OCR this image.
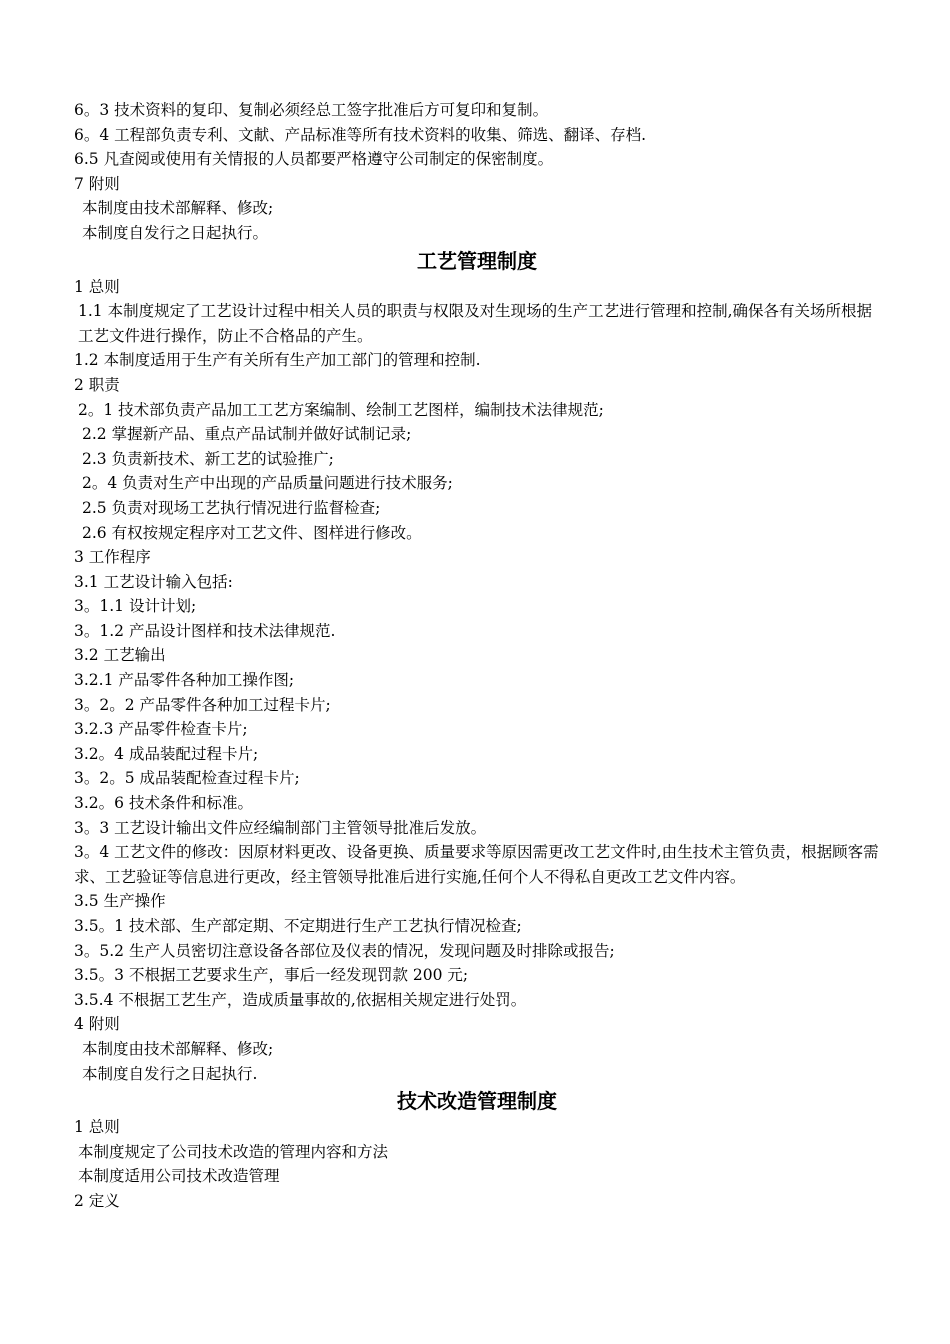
6。3 技术资料的复印、复制必须经总工签字批准后方可复印和复制。
6。4 工程部负责专利、文献、产品标准等所有技术资料的收集、筛选、翻译、存档.
6.5 凡查阅或使用有关情报的人员都要严格遵守公司制定的保密制度。
7 附则
本制度由技术部解释、修改;
本制度自发行之日起执行。
工艺管理制度
1 总则
1.1 本制度规定了工艺设计过程中相关人员的职责与权限及对生现场的生产工艺进行管理和控制,确保各有关场所根据工艺文件进行操作，防止不合格品的产生。
1.2 本制度适用于生产有关所有生产加工部门的管理和控制.
2 职责
2。1 技术部负责产品加工工艺方案编制、绘制工艺图样，编制技术法律规范;
2.2 掌握新产品、重点产品试制并做好试制记录;
2.3 负责新技术、新工艺的试验推广;
2。4 负责对生产中出现的产品质量问题进行技术服务;
2.5 负责对现场工艺执行情况进行监督检查;
2.6 有权按规定程序对工艺文件、图样进行修改。
3 工作程序
3.1 工艺设计输入包括:
3。1.1 设计计划;
3。1.2 产品设计图样和技术法律规范.
3.2 工艺输出
3.2.1 产品零件各种加工操作图;
3。2。2 产品零件各种加工过程卡片;
3.2.3 产品零件检查卡片;
3.2。4 成品装配过程卡片;
3。2。5 成品装配检查过程卡片;
3.2。6 技术条件和标准。
3。3 工艺设计输出文件应经编制部门主管领导批准后发放。
3。4 工艺文件的修改：因原材料更改、设备更换、质量要求等原因需更改工艺文件时,由生技术主管负责，根据顾客需求、工艺验证等信息进行更改，经主管领导批准后进行实施,任何个人不得私自更改工艺文件内容。
3.5 生产操作
3.5。1 技术部、生产部定期、不定期进行生产工艺执行情况检查;
3。5.2 生产人员密切注意设备各部位及仪表的情况，发现问题及时排除或报告;
3.5。3 不根据工艺要求生产，事后一经发现罚款 200 元;
3.5.4 不根据工艺生产，造成质量事故的,依据相关规定进行处罚。
4 附则
本制度由技术部解释、修改;
本制度自发行之日起执行.
技术改造管理制度
1 总则
本制度规定了公司技术改造的管理内容和方法
本制度适用公司技术改造管理
2 定义
